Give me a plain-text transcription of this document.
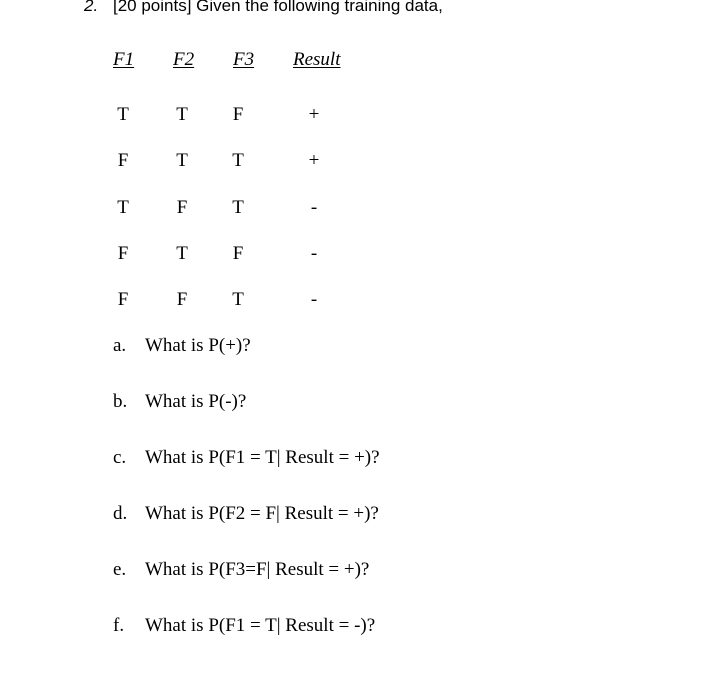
2. [20 points] Given the following training data,
F1 F2 F3 Result
T	T	F	+
F	T	T	+
T	F	T	-
F	T	F	-
F	F	T	-
a. What is P(+)?
b. What is P(-)?
c. What is P(F1 = T| Result = +)?
d. What is P(F2 = F| Result = +)?
e. What is P(F3=F| Result = +)?
f. What is P(F1 = T| Result = -)?
